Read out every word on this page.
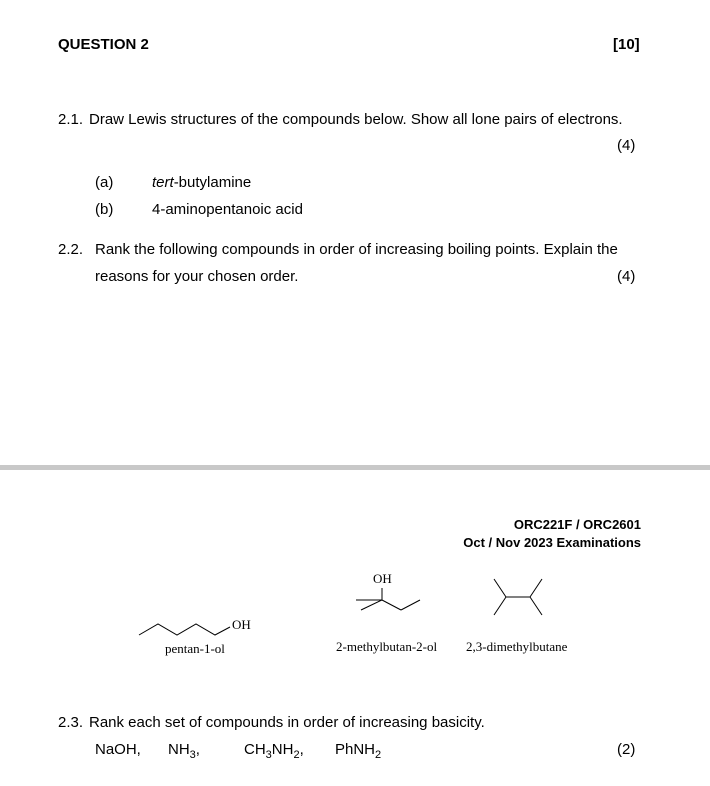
QUESTION 2	[10]
2.1. Draw Lewis structures of the compounds below. Show all lone pairs of electrons.
(4)
(a)	tert-butylamine
(b)	4-aminopentanoic acid
2.2. Rank the following compounds in order of increasing boiling points. Explain the
reasons for your chosen order.	(4)
ORC221F / ORC2601
Oct / Nov 2023 Examinations
OH
OH
pentan-1-ol	2-methylbutan-2-ol 2,3-dimethylbutane
2.3. Rank each set of compounds in order of increasing basicity.
NaOH, $NH_3$,	$CH_3NH_2$, PhNH$_2$	(2)
